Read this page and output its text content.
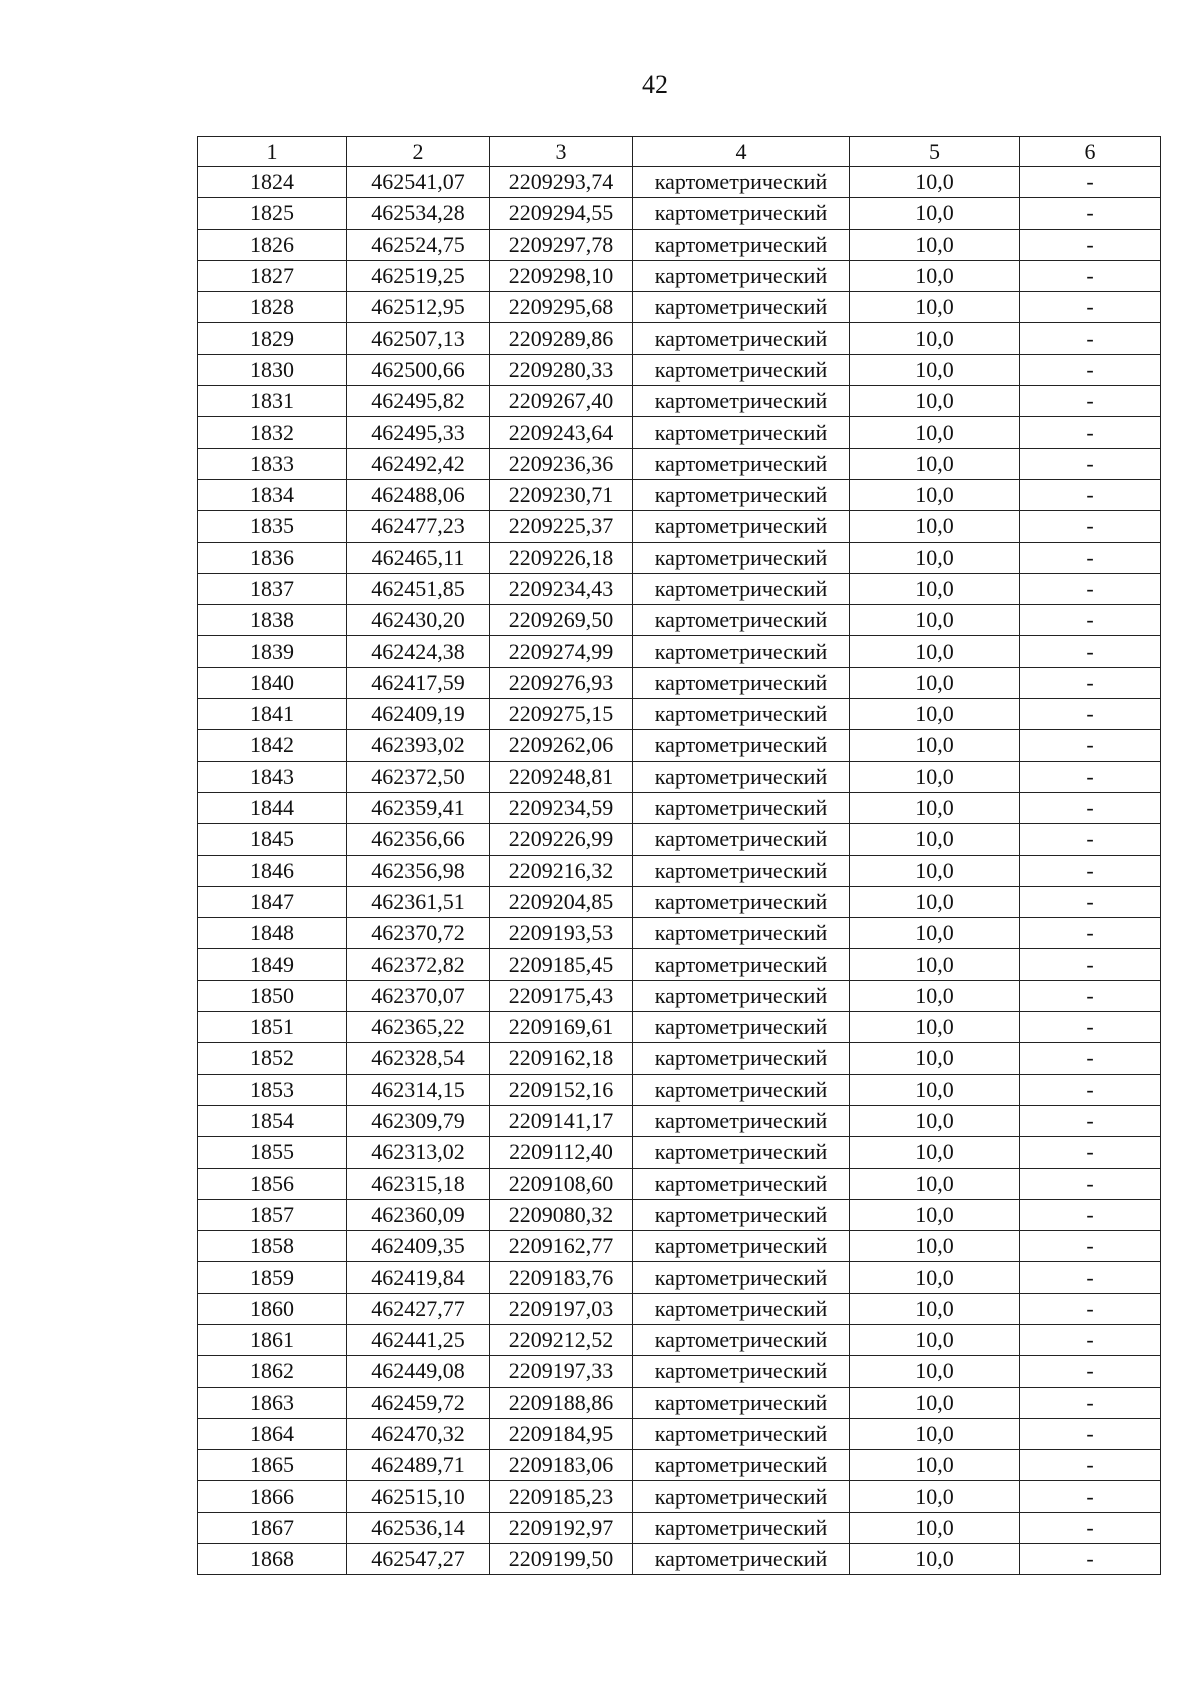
42
1	2	3	4	5	6
1824	462541,07	2209293,74	картометрический	10,0	-
1825	462534,28	2209294,55	картометрический	10,0	-
1826	462524,75	2209297,78	картометрический	10,0	-
1827	462519,25	2209298,10	картометрический	10,0	-
1828	462512,95	2209295,68	картометрический	10,0	-
1829	462507,13	2209289,86	картометрический	10,0	-
1830	462500,66	2209280,33	картометрический	10,0	-
1831	462495,82	2209267,40	картометрический	10,0	-
1832	462495,33	2209243,64	картометрический	10,0	-
1833	462492,42	2209236,36	картометрический	10,0	-
1834	462488,06	2209230,71	картометрический	10,0	-
1835	462477,23	2209225,37	картометрический	10,0	-
1836	462465,11	2209226,18	картометрический	10,0	-
1837	462451,85	2209234,43	картометрический	10,0	-
1838	462430,20	2209269,50	картометрический	10,0	-
1839	462424,38	2209274,99	картометрический	10,0	-
1840	462417,59	2209276,93	картометрический	10,0	-
1841	462409,19	2209275,15	картометрический	10,0	-
1842	462393,02	2209262,06	картометрический	10,0	-
1843	462372,50	2209248,81	картометрический	10,0	-
1844	462359,41	2209234,59	картометрический	10,0	-
1845	462356,66	2209226,99	картометрический	10,0	-
1846	462356,98	2209216,32	картометрический	10,0	-
1847	462361,51	2209204,85	картометрический	10,0	-
1848	462370,72	2209193,53	картометрический	10,0	-
1849	462372,82	2209185,45	картометрический	10,0	-
1850	462370,07	2209175,43	картометрический	10,0	-
1851	462365,22	2209169,61	картометрический	10,0	-
1852	462328,54	2209162,18	картометрический	10,0	-
1853	462314,15	2209152,16	картометрический	10,0	-
1854	462309,79	2209141,17	картометрический	10,0	-
1855	462313,02	2209112,40	картометрический	10,0	-
1856	462315,18	2209108,60	картометрический	10,0	-
1857	462360,09	2209080,32	картометрический	10,0	-
1858	462409,35	2209162,77	картометрический	10,0	-
1859	462419,84	2209183,76	картометрический	10,0	-
1860	462427,77	2209197,03	картометрический	10,0	-
1861	462441,25	2209212,52	картометрический	10,0	-
1862	462449,08	2209197,33	картометрический	10,0	-
1863	462459,72	2209188,86	картометрический	10,0	-
1864	462470,32	2209184,95	картометрический	10,0	-
1865	462489,71	2209183,06	картометрический	10,0	-
1866	462515,10	2209185,23	картометрический	10,0	-
1867	462536,14	2209192,97	картометрический	10,0	-
1868	462547,27	2209199,50	картометрический	10,0	-
